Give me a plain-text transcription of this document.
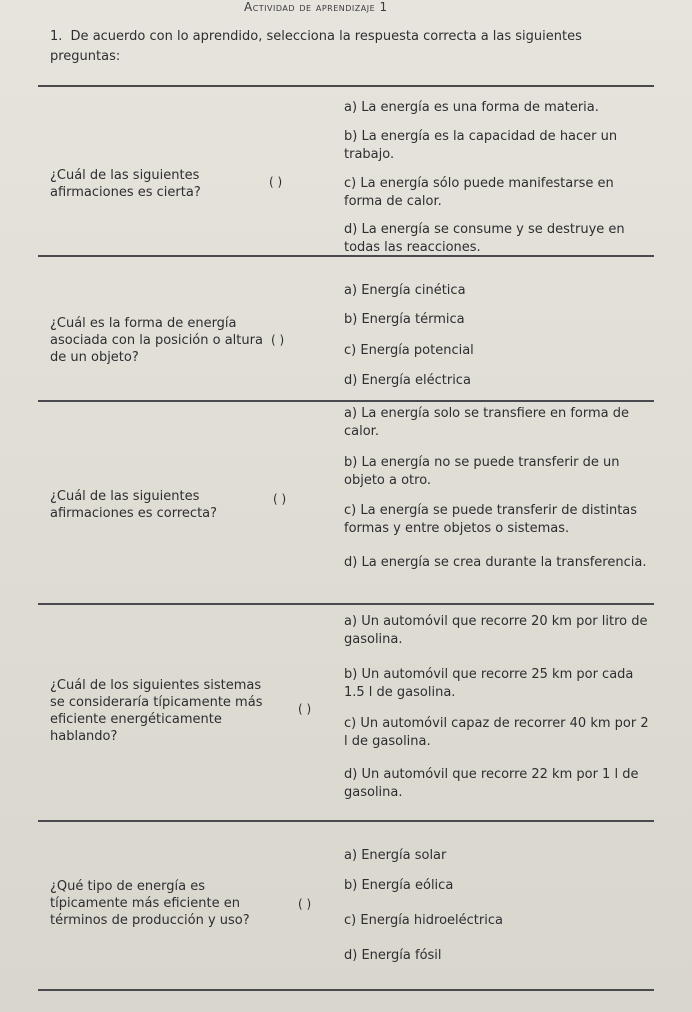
Actividad de aprendizaje 1
1. De acuerdo con lo aprendido, selecciona la respuesta correcta a las siguientes preguntas:
¿Cuál de las siguientes afirmaciones es cierta?
( )
a) La energía es una forma de materia.
b) La energía es la capacidad de hacer un trabajo.
c) La energía sólo puede manifestarse en forma de calor.
d) La energía se consume y se destruye en todas las reacciones.
¿Cuál es la forma de energía asociada con la posición o altura de un objeto?
( )
a) Energía cinética
b) Energía térmica
c) Energía potencial
d) Energía eléctrica
¿Cuál de las siguientes afirmaciones es correcta?
( )
a) La energía solo se transfiere en forma de calor.
b) La energía no se puede transferir de un objeto a otro.
c) La energía se puede transferir de distintas formas y entre objetos o sistemas.
d) La energía se crea durante la transferencia.
¿Cuál de los siguientes sistemas se consideraría típicamente más eficiente energéticamente hablando?
( )
a) Un automóvil que recorre 20 km por litro de gasolina.
b) Un automóvil que recorre 25 km por cada 1.5 l de gasolina.
c) Un automóvil capaz de recorrer 40 km por 2 l de gasolina.
d) Un automóvil que recorre 22 km por 1 l de gasolina.
¿Qué tipo de energía es típicamente más eficiente en términos de producción y uso?
( )
a) Energía solar
b) Energía eólica
c) Energía hidroeléctrica
d) Energía fósil
